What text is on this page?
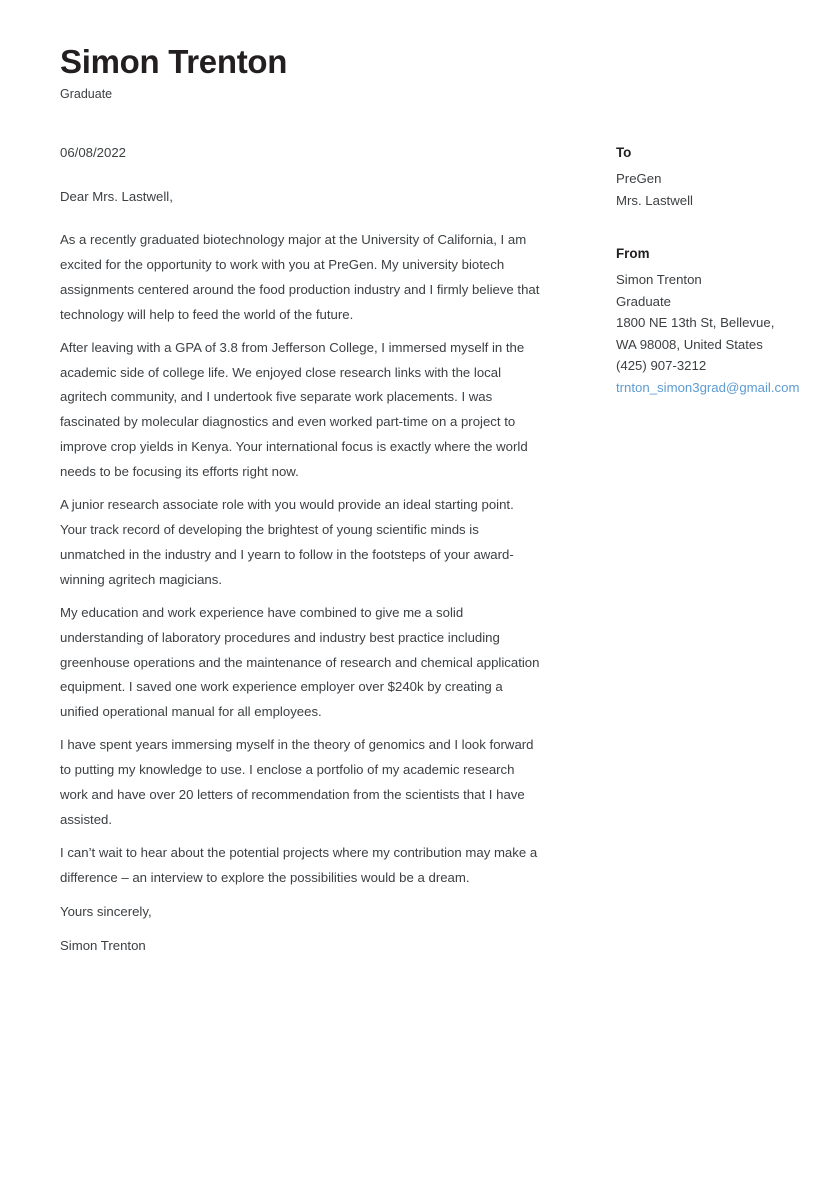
Simon Trenton

Graduate

06/08/2022

Dear Mrs. Lastwell,

As a recently graduated biotechnology major at the University of California, I am excited for the opportunity to work with you at PreGen. My university biotech assignments centered around the food production industry and I firmly believe that technology will help to feed the world of the future.

After leaving with a GPA of 3.8 from Jefferson College, I immersed myself in the academic side of college life. We enjoyed close research links with the local agritech community, and I undertook five separate work placements. I was fascinated by molecular diagnostics and even worked part-time on a project to improve crop yields in Kenya. Your international focus is exactly where the world needs to be focusing its efforts right now.

A junior research associate role with you would provide an ideal starting point. Your track record of developing the brightest of young scientific minds is unmatched in the industry and I yearn to follow in the footsteps of your award-winning agritech magicians.

My education and work experience have combined to give me a solid understanding of laboratory procedures and industry best practice including greenhouse operations and the maintenance of research and chemical application equipment. I saved one work experience employer over $240k by creating a unified operational manual for all employees.

I have spent years immersing myself in the theory of genomics and I look forward to putting my knowledge to use. I enclose a portfolio of my academic research work and have over 20 letters of recommendation from the scientists that I have assisted.

I can’t wait to hear about the potential projects where my contribution may make a difference – an interview to explore the possibilities would be a dream.

Yours sincerely,

Simon Trenton

To

PreGen

Mrs. Lastwell

From

Simon Trenton

Graduate

1800 NE 13th St, Bellevue,

WA 98008, United States

(425) 907-3212

trnton_simon3grad@gmail.com
